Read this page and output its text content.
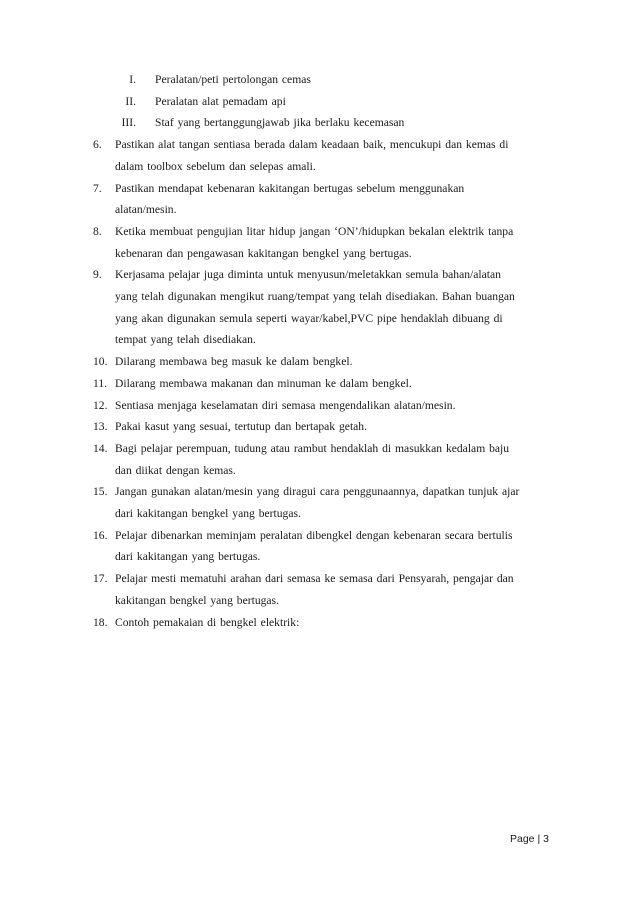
I. Peralatan/peti pertolongan cemas
II. Peralatan alat pemadam api
III. Staf yang bertanggungjawab jika berlaku kecemasan
6. Pastikan alat tangan sentiasa berada dalam keadaan baik, mencukupi dan kemas di
dalam toolbox sebelum dan selepas amali.
7. Pastikan mendapat kebenaran kakitangan bertugas sebelum menggunakan
alatan/mesin.
8. Ketika membuat pengujian litar hidup jangan ‘ON’/hidupkan bekalan elektrik tanpa
kebenaran dan pengawasan kakitangan bengkel yang bertugas.
9. Kerjasama pelajar juga diminta untuk menyusun/meletakkan semula bahan/alatan
yang telah digunakan mengikut ruang/tempat yang telah disediakan. Bahan buangan
yang akan digunakan semula seperti wayar/kabel,PVC pipe hendaklah dibuang di
tempat yang telah disediakan.
10. Dilarang membawa beg masuk ke dalam bengkel.
11. Dilarang membawa makanan dan minuman ke dalam bengkel.
12. Sentiasa menjaga keselamatan diri semasa mengendalikan alatan/mesin.
13. Pakai kasut yang sesuai, tertutup dan bertapak getah.
14. Bagi pelajar perempuan, tudung atau rambut hendaklah di masukkan kedalam baju
dan diikat dengan kemas.
15. Jangan gunakan alatan/mesin yang diragui cara penggunaannya, dapatkan tunjuk ajar
dari kakitangan bengkel yang bertugas.
16. Pelajar dibenarkan meminjam peralatan dibengkel dengan kebenaran secara bertulis
dari kakitangan yang bertugas.
17. Pelajar mesti mematuhi arahan dari semasa ke semasa dari Pensyarah, pengajar dan
kakitangan bengkel yang bertugas.
18. Contoh pemakaian di bengkel elektrik:
Page | 3
